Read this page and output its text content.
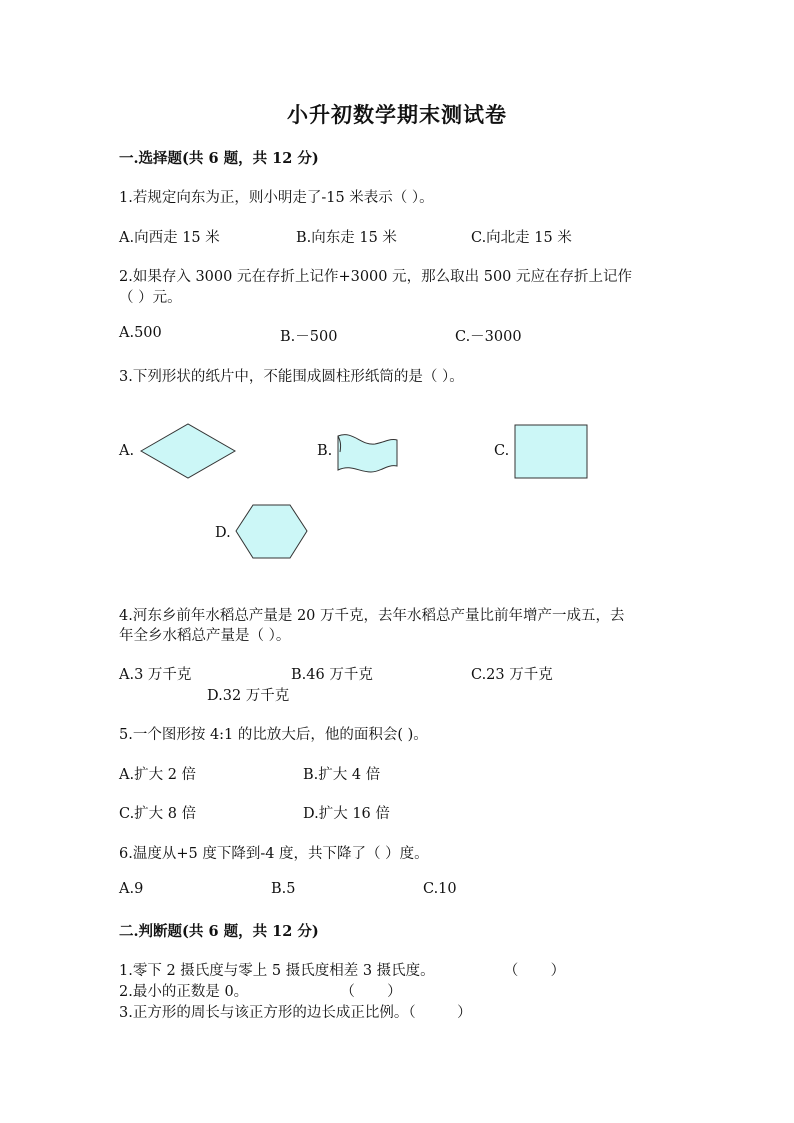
小升初数学期末测试卷
一.选择题(共 6 题，共 12 分)
1.若规定向东为正，则小明走了-15 米表示（ ）。
A.向西走 15 米	B.向东走 15 米	C.向北走 15 米
2.如果存入 3000 元在存折上记作+3000 元，那么取出 500 元应在存折上记作
（ ）元。
A.500	B.－500	C.－3000
3.下列形状的纸片中，不能围成圆柱形纸筒的是（ ）。
A.	B.	C.
D.
4.河东乡前年水稻总产量是 20 万千克，去年水稻总产量比前年增产一成五，去
年全乡水稻总产量是（ ）。
A.3 万千克	B.46 万千克	C.23 万千克
D.32 万千克
5.一个图形按 4:1 的比放大后，他的面积会( )。
A.扩大 2 倍	B.扩大 4 倍
C.扩大 8 倍	D.扩大 16 倍
6.温度从+5 度下降到-4 度，共下降了（ ）度。
A.9	B.5	C.10
二.判断题(共 6 题，共 12 分)
1.零下 2 摄氏度与零上 5 摄氏度相差 3 摄氏度。               （       ）
2.最小的正数是 0。                    （       ）
3.正方形的周长与该正方形的边长成正比例。（         ）
